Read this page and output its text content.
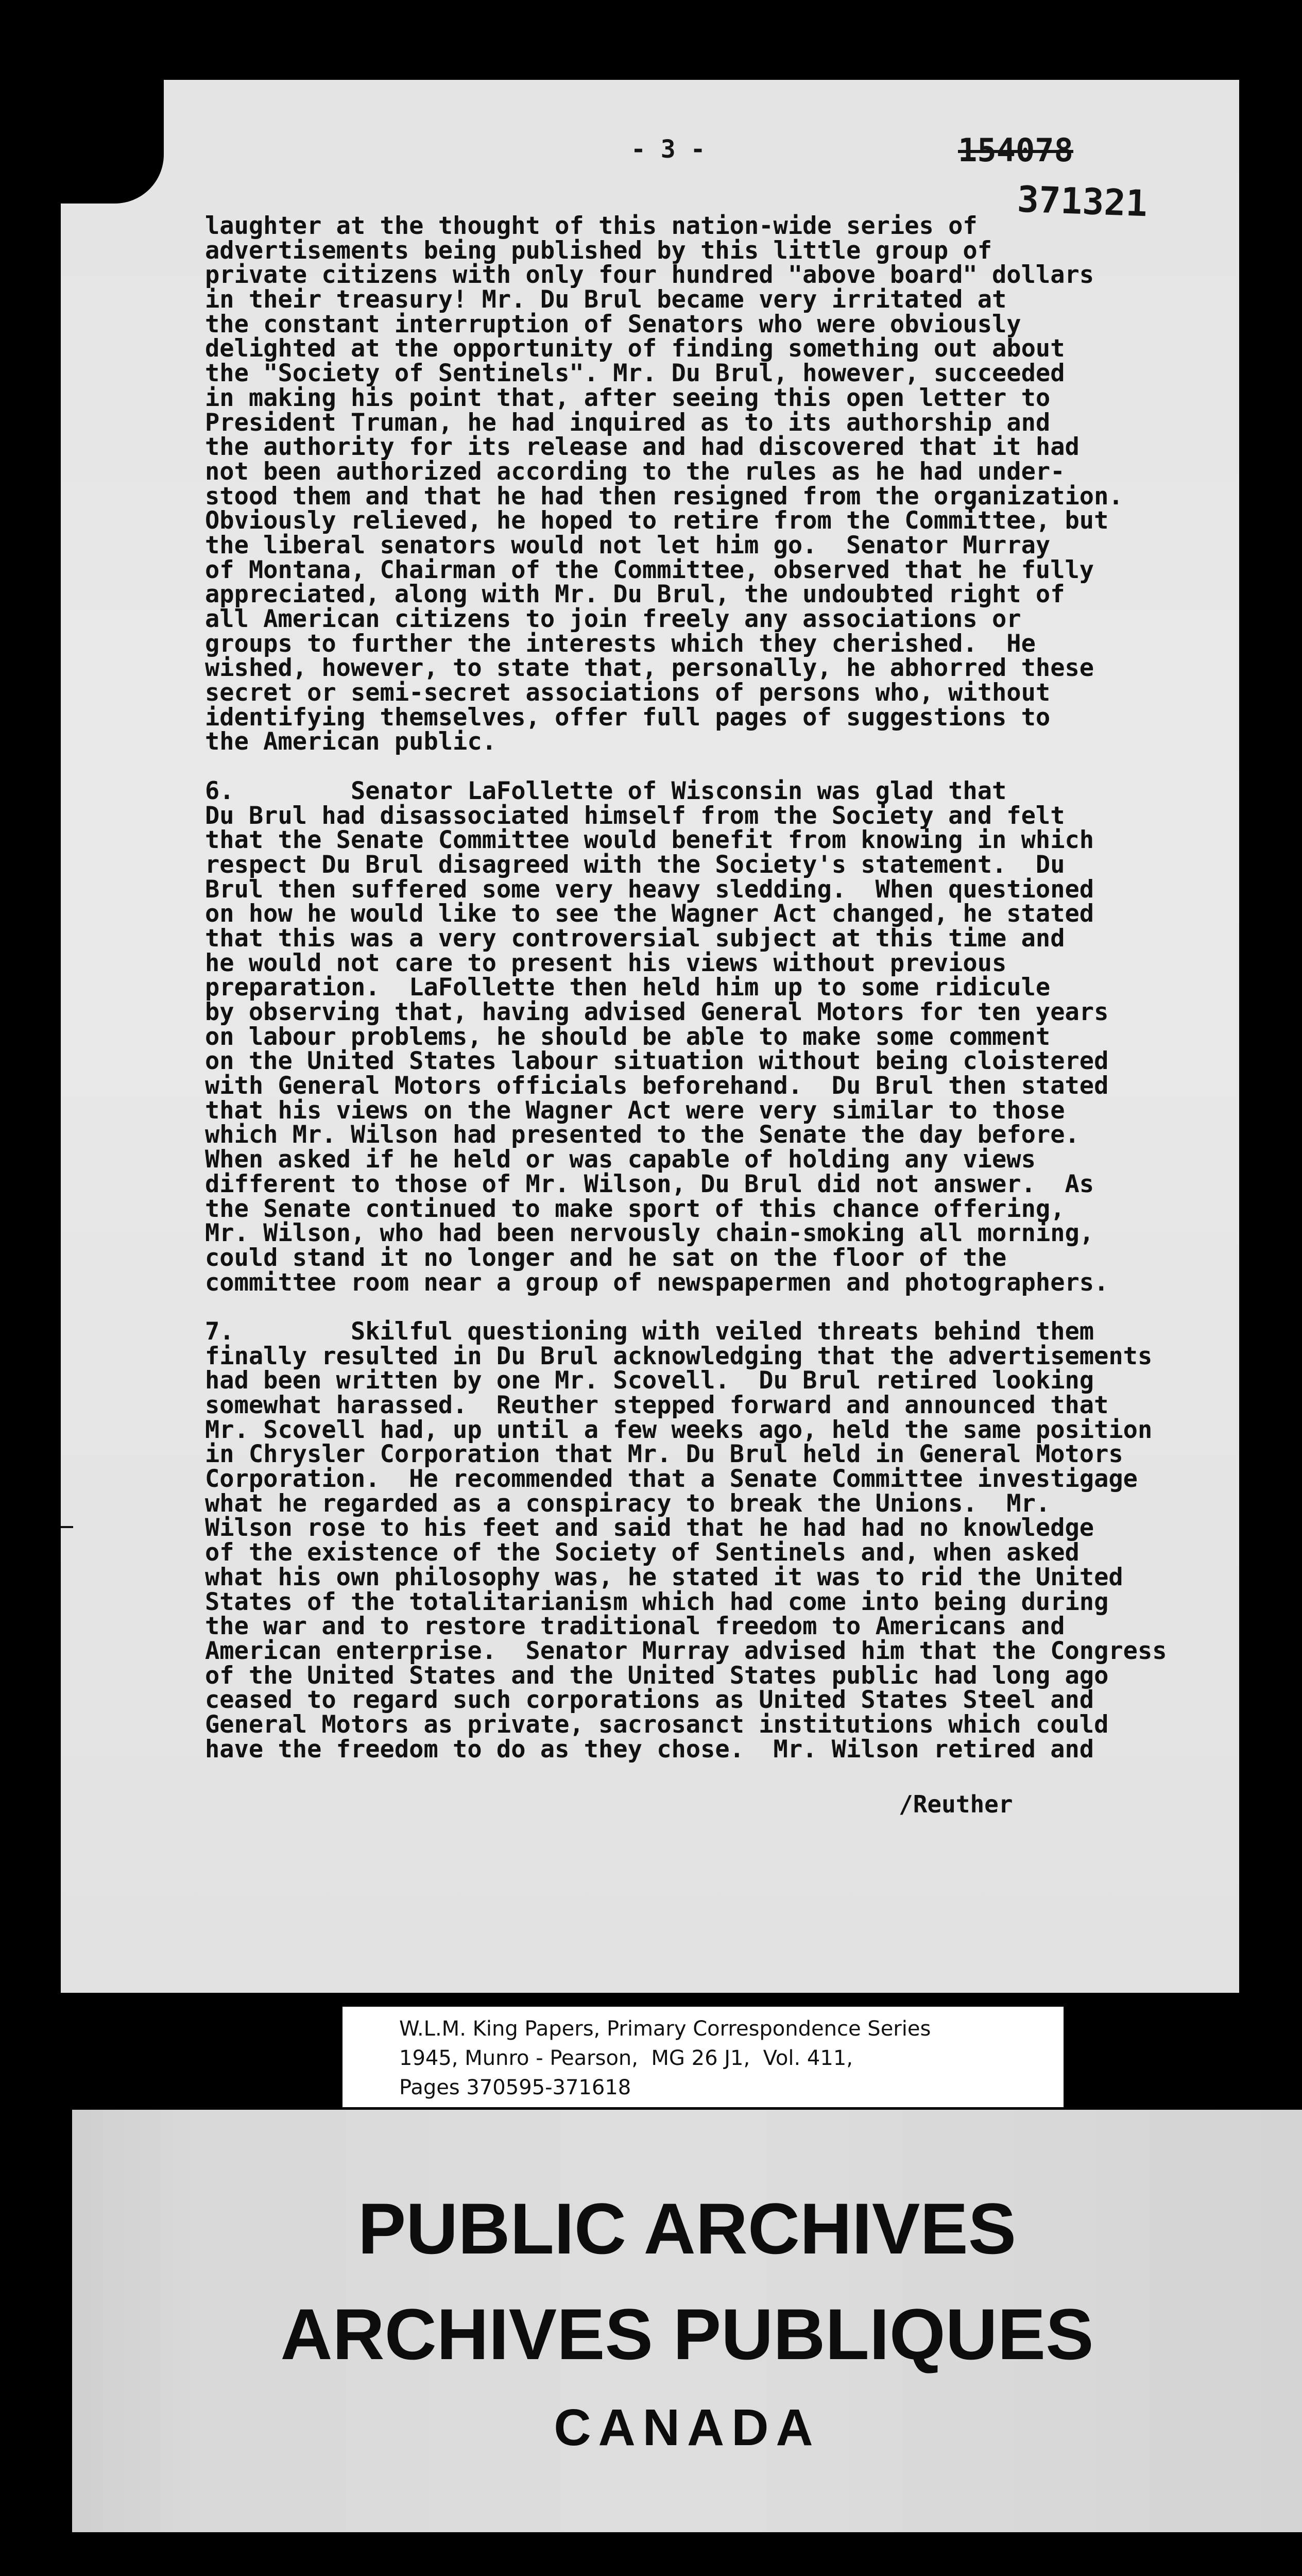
- 3 -	154078
371321
laughter at the thought of this nation-wide series of
advertisements being published by this little group of
private citizens with only four hundred "above board" dollars
in their treasury! Mr. Du Brul became very irritated at
the constant interruption of Senators who were obviously
delighted at the opportunity of finding something out about
the "Society of Sentinels". Mr. Du Brul, however, succeeded
in making his point that, after seeing this open letter to
President Truman, he had inquired as to its authorship and
the authority for its release and had discovered that it had
not been authorized according to the rules as he had under-
stood them and that he had then resigned from the organization.
Obviously relieved, he hoped to retire from the Committee, but
the liberal senators would not let him go.  Senator Murray
of Montana, Chairman of the Committee, observed that he fully
appreciated, along with Mr. Du Brul, the undoubted right of
all American citizens to join freely any associations or
groups to further the interests which they cherished.  He
wished, however, to state that, personally, he abhorred these
secret or semi-secret associations of persons who, without
identifying themselves, offer full pages of suggestions to
the American public.
6.        Senator LaFollette of Wisconsin was glad that
Du Brul had disassociated himself from the Society and felt
that the Senate Committee would benefit from knowing in which
respect Du Brul disagreed with the Society's statement.  Du
Brul then suffered some very heavy sledding.  When questioned
on how he would like to see the Wagner Act changed, he stated
that this was a very controversial subject at this time and
he would not care to present his views without previous
preparation.  LaFollette then held him up to some ridicule
by observing that, having advised General Motors for ten years
on labour problems, he should be able to make some comment
on the United States labour situation without being cloistered
with General Motors officials beforehand.  Du Brul then stated
that his views on the Wagner Act were very similar to those
which Mr. Wilson had presented to the Senate the day before.
When asked if he held or was capable of holding any views
different to those of Mr. Wilson, Du Brul did not answer.  As
the Senate continued to make sport of this chance offering,
Mr. Wilson, who had been nervously chain-smoking all morning,
could stand it no longer and he sat on the floor of the
committee room near a group of newspapermen and photographers.
7.        Skilful questioning with veiled threats behind them
finally resulted in Du Brul acknowledging that the advertisements
had been written by one Mr. Scovell.  Du Brul retired looking
somewhat harassed.  Reuther stepped forward and announced that
Mr. Scovell had, up until a few weeks ago, held the same position
in Chrysler Corporation that Mr. Du Brul held in General Motors
Corporation.  He recommended that a Senate Committee investigage
what he regarded as a conspiracy to break the Unions.  Mr.
Wilson rose to his feet and said that he had had no knowledge
of the existence of the Society of Sentinels and, when asked
what his own philosophy was, he stated it was to rid the United
States of the totalitarianism which had come into being during
the war and to restore traditional freedom to Americans and
American enterprise.  Senator Murray advised him that the Congress
of the United States and the United States public had long ago
ceased to regard such corporations as United States Steel and
General Motors as private, sacrosanct institutions which could
have the freedom to do as they chose.  Mr. Wilson retired and
/Reuther
W.L.M. King Papers, Primary Correspondence Series
1945, Munro - Pearson,  MG 26 J1,  Vol. 411,
Pages 370595-371618
PUBLIC ARCHIVES
ARCHIVES PUBLIQUES
CANADA
